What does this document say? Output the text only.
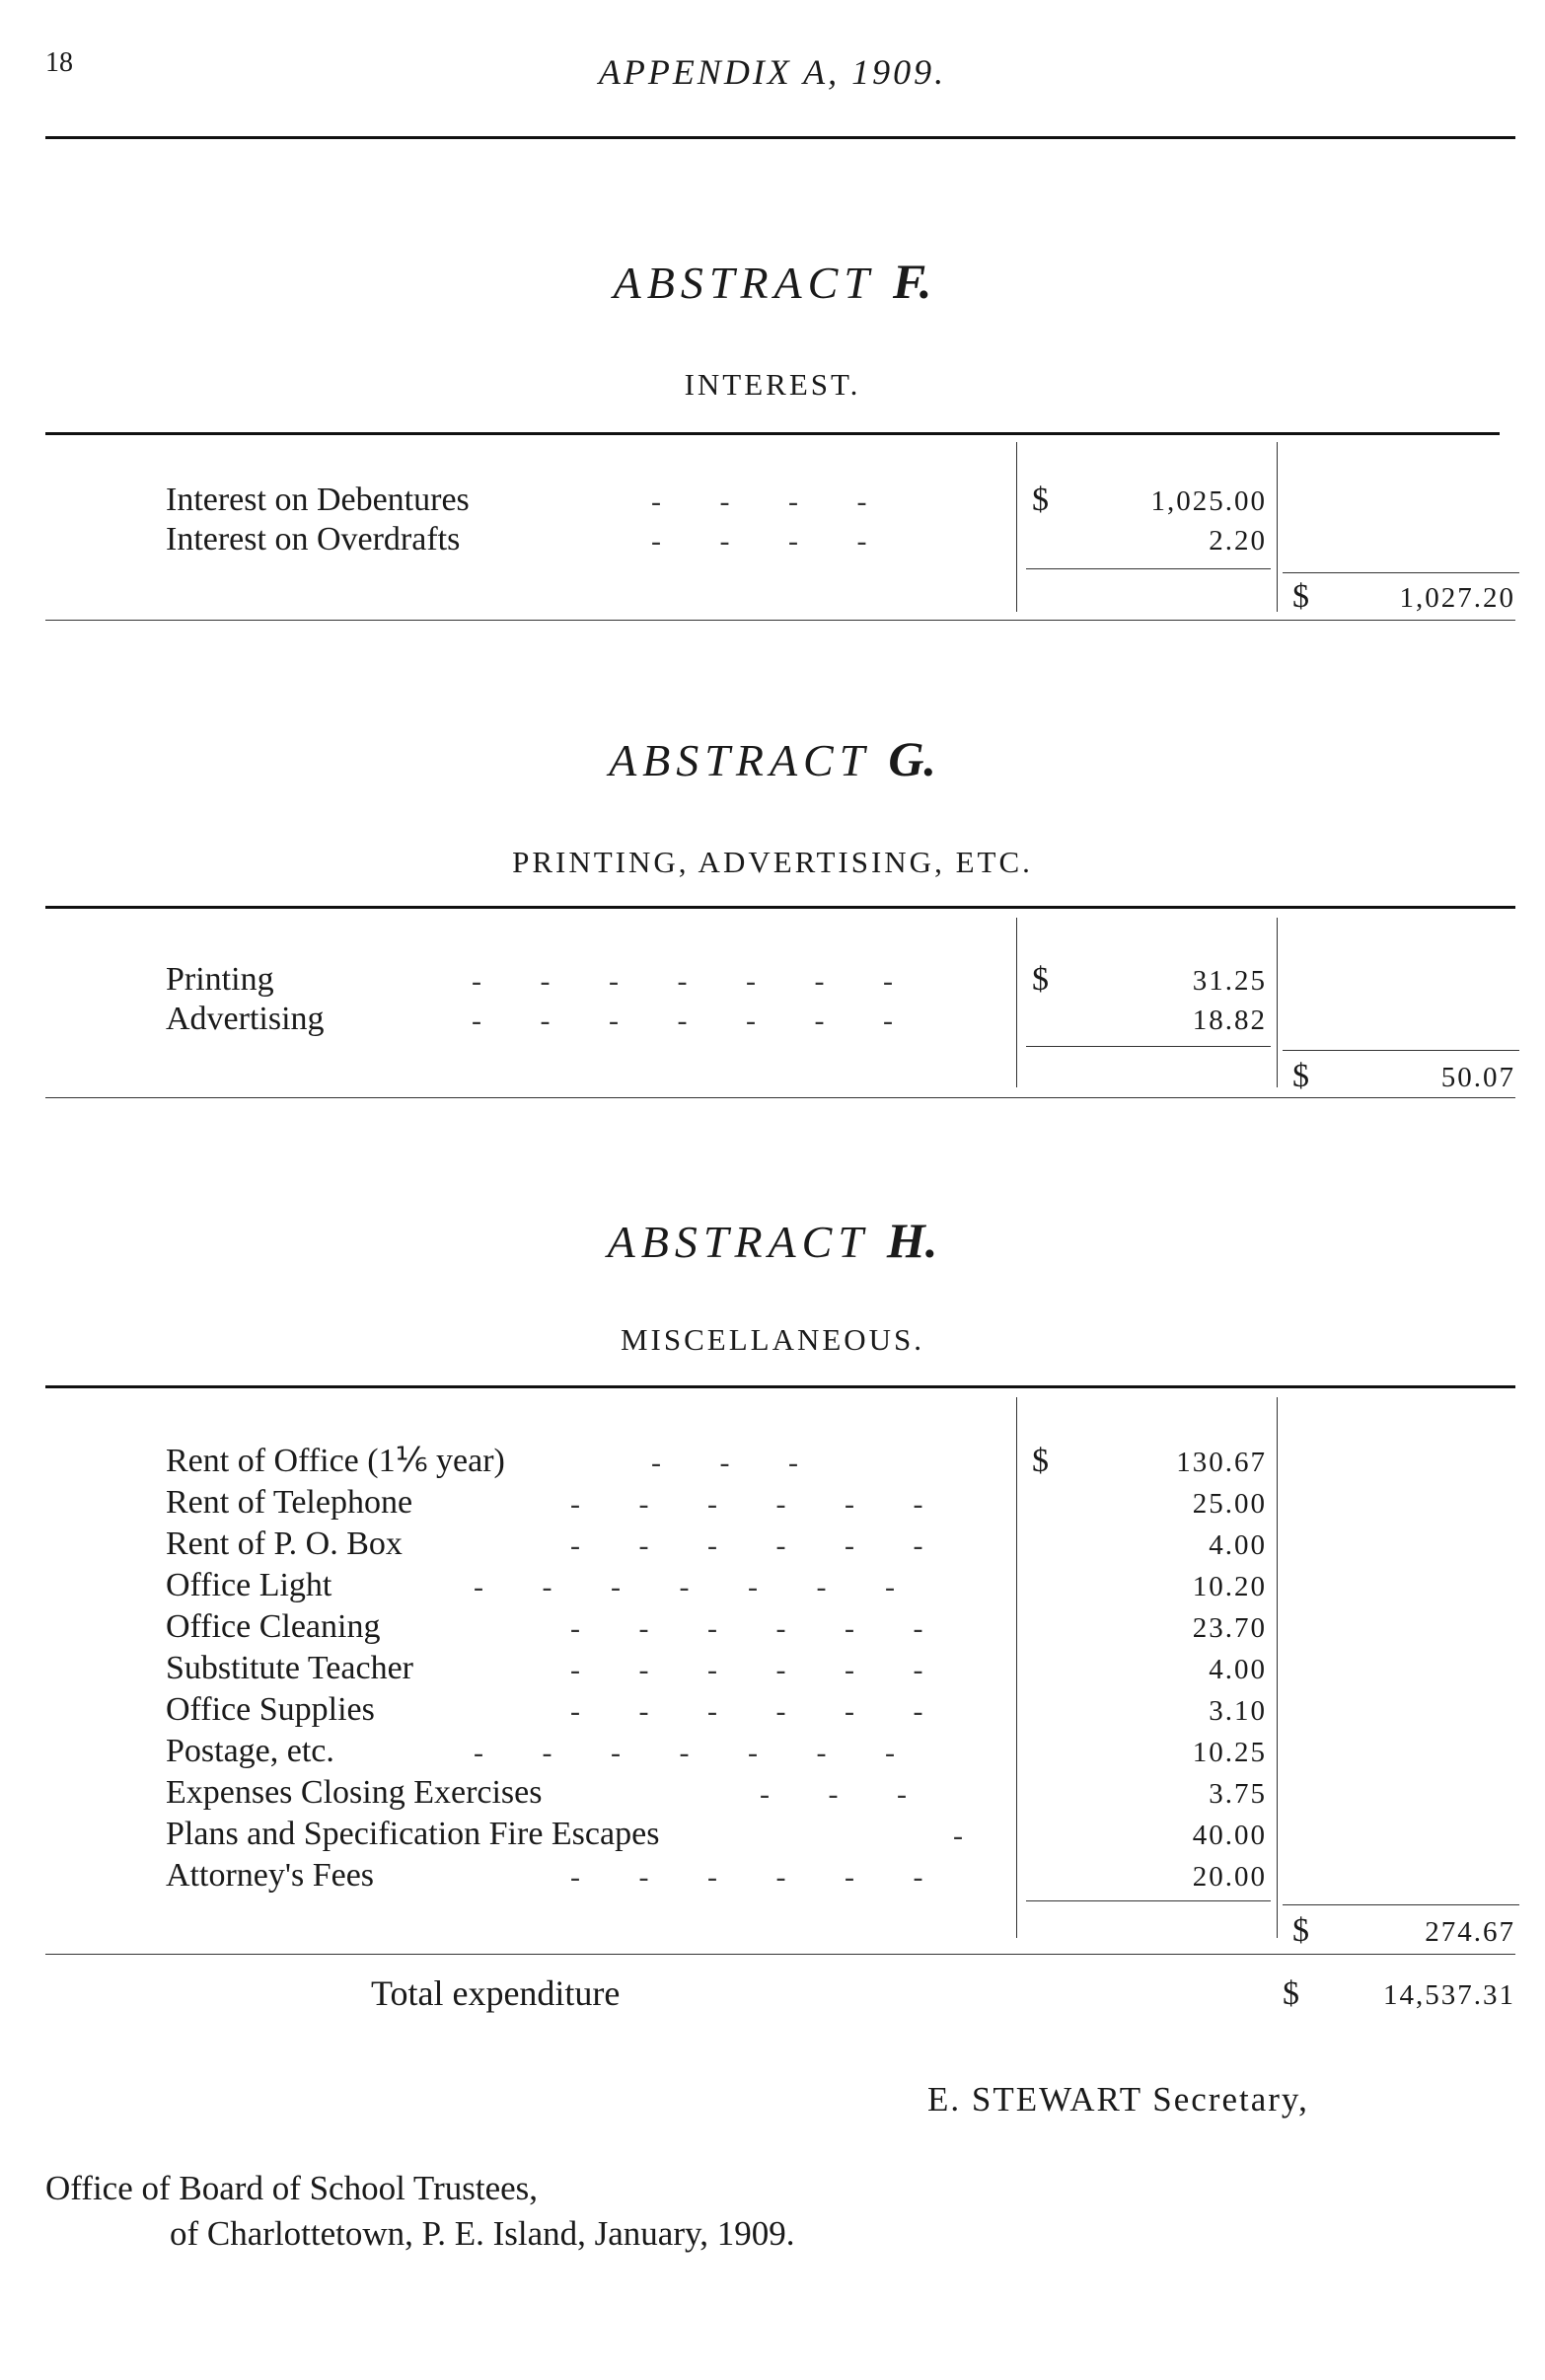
18	APPENDIX A, 1909.
ABSTRACT F.
INTEREST.
Interest on Debentures	- - - -	$	1,025.00
Interest on Overdrafts	- - - -	2.20
$	1,027.20
ABSTRACT G.
PRINTING, ADVERTISING, ETC.
Printing	- - - - - - -	$	31.25
Advertising	- - - - - - -	18.82
$	50.07
ABSTRACT H.
MISCELLANEOUS.
Rent of Office (1⅙ year)	- - -	$	130.67
Rent of Telephone	- - - - - -	25.00
Rent of P. O. Box	- - - - - -	4.00
Office Light	- - - - - - -	10.20
Office Cleaning	- - - - - -	23.70
Substitute Teacher	- - - - - -	4.00
Office Supplies	- - - - - -	3.10
Postage, etc.	- - - - - - -	10.25
Expenses Closing Exercises	- - -	3.75
Plans and Specification Fire Escapes	-	40.00
Attorney's Fees	- - - - - -	20.00
$	274.67
Total expenditure	$	14,537.31
E. STEWART Secretary,
Office of Board of School Trustees,
of Charlottetown, P. E. Island, January, 1909.
